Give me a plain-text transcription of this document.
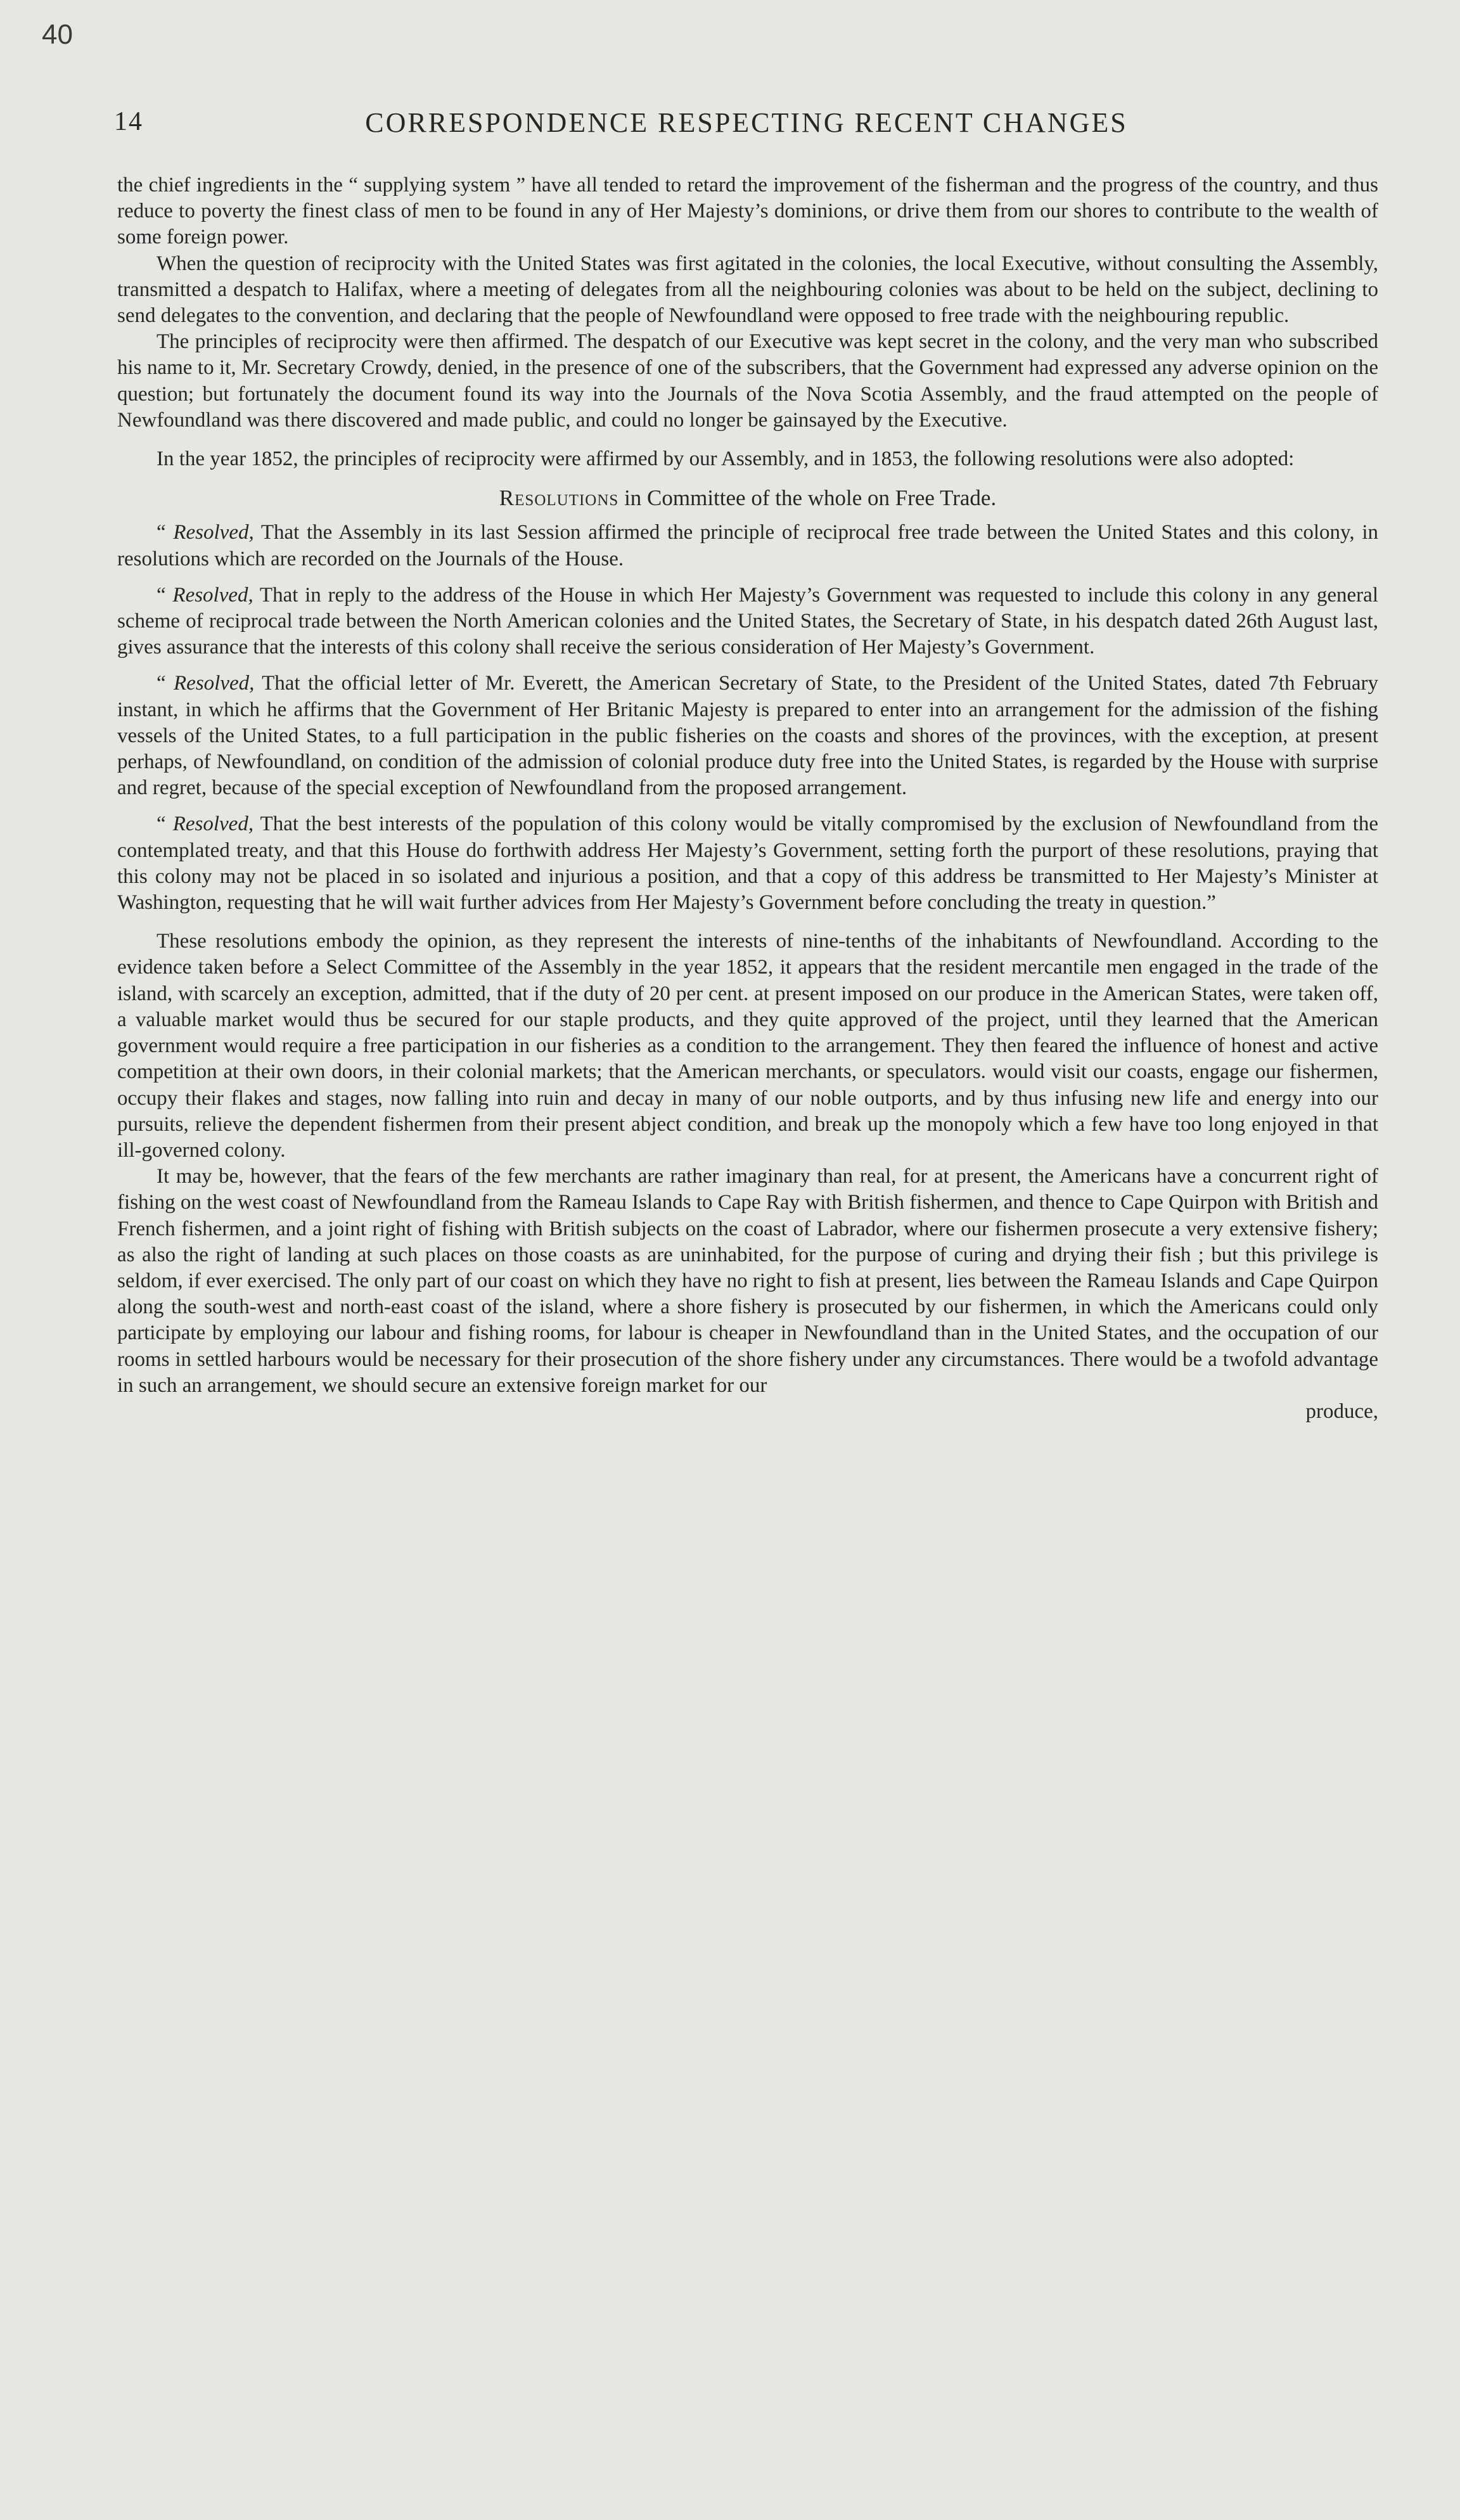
40
14	CORRESPONDENCE RESPECTING RECENT CHANGES

the chief ingredients in the “ supplying system ” have all tended to retard the improvement of the fisherman and the progress of the country, and thus reduce to poverty the finest class of men to be found in any of Her Majesty’s dominions, or drive them from our shores to contribute to the wealth of some foreign power.

When the question of reciprocity with the United States was first agitated in the colonies, the local Executive, without consulting the Assembly, transmitted a despatch to Halifax, where a meeting of delegates from all the neighbouring colonies was about to be held on the subject, declining to send delegates to the convention, and declaring that the people of Newfoundland were opposed to free trade with the neighbouring republic.

The principles of reciprocity were then affirmed. The despatch of our Executive was kept secret in the colony, and the very man who subscribed his name to it, Mr. Secretary Crowdy, denied, in the presence of one of the subscribers, that the Government had expressed any adverse opinion on the question; but fortunately the document found its way into the Journals of the Nova Scotia Assembly, and the fraud attempted on the people of Newfoundland was there discovered and made public, and could no longer be gainsayed by the Executive.

In the year 1852, the principles of reciprocity were affirmed by our Assembly, and in 1853, the following resolutions were also adopted:

Resolutions in Committee of the whole on Free Trade.

“ Resolved, That the Assembly in its last Session affirmed the principle of reciprocal free trade between the United States and this colony, in resolutions which are recorded on the Journals of the House.

“ Resolved, That in reply to the address of the House in which Her Majesty’s Government was requested to include this colony in any general scheme of reciprocal trade between the North American colonies and the United States, the Secretary of State, in his despatch dated 26th August last, gives assurance that the interests of this colony shall receive the serious consideration of Her Majesty’s Government.

“ Resolved, That the official letter of Mr. Everett, the American Secretary of State, to the President of the United States, dated 7th February instant, in which he affirms that the Government of Her Britanic Majesty is prepared to enter into an arrangement for the admission of the fishing vessels of the United States, to a full participation in the public fisheries on the coasts and shores of the provinces, with the exception, at present perhaps, of Newfoundland, on condition of the admission of colonial produce duty free into the United States, is regarded by the House with surprise and regret, because of the special exception of Newfoundland from the proposed arrangement.

“ Resolved, That the best interests of the population of this colony would be vitally compromised by the exclusion of Newfoundland from the contemplated treaty, and that this House do forthwith address Her Majesty’s Government, setting forth the purport of these resolutions, praying that this colony may not be placed in so isolated and injurious a position, and that a copy of this address be transmitted to Her Majesty’s Minister at Washington, requesting that he will wait further advices from Her Majesty’s Government before concluding the treaty in question.”

These resolutions embody the opinion, as they represent the interests of nine-tenths of the inhabitants of Newfoundland. According to the evidence taken before a Select Committee of the Assembly in the year 1852, it appears that the resident mercantile men engaged in the trade of the island, with scarcely an exception, admitted, that if the duty of 20 per cent. at present imposed on our produce in the American States, were taken off, a valuable market would thus be secured for our staple products, and they quite approved of the project, until they learned that the American government would require a free participation in our fisheries as a condition to the arrangement. They then feared the influence of honest and active competition at their own doors, in their colonial markets; that the American merchants, or speculators. would visit our coasts, engage our fishermen, occupy their flakes and stages, now falling into ruin and decay in many of our noble outports, and by thus infusing new life and energy into our pursuits, relieve the dependent fishermen from their present abject condition, and break up the monopoly which a few have too long enjoyed in that ill-governed colony.

It may be, however, that the fears of the few merchants are rather imaginary than real, for at present, the Americans have a concurrent right of fishing on the west coast of Newfoundland from the Rameau Islands to Cape Ray with British fishermen, and thence to Cape Quirpon with British and French fishermen, and a joint right of fishing with British subjects on the coast of Labrador, where our fishermen prosecute a very extensive fishery; as also the right of landing at such places on those coasts as are uninhabited, for the purpose of curing and drying their fish ; but this privilege is seldom, if ever exercised. The only part of our coast on which they have no right to fish at present, lies between the Rameau Islands and Cape Quirpon along the south-west and north-east coast of the island, where a shore fishery is prosecuted by our fishermen, in which the Americans could only participate by employing our labour and fishing rooms, for labour is cheaper in Newfoundland than in the United States, and the occupation of our rooms in settled harbours would be necessary for their prosecution of the shore fishery under any circumstances. There would be a twofold advantage in such an arrangement, we should secure an extensive foreign market for our

produce,
